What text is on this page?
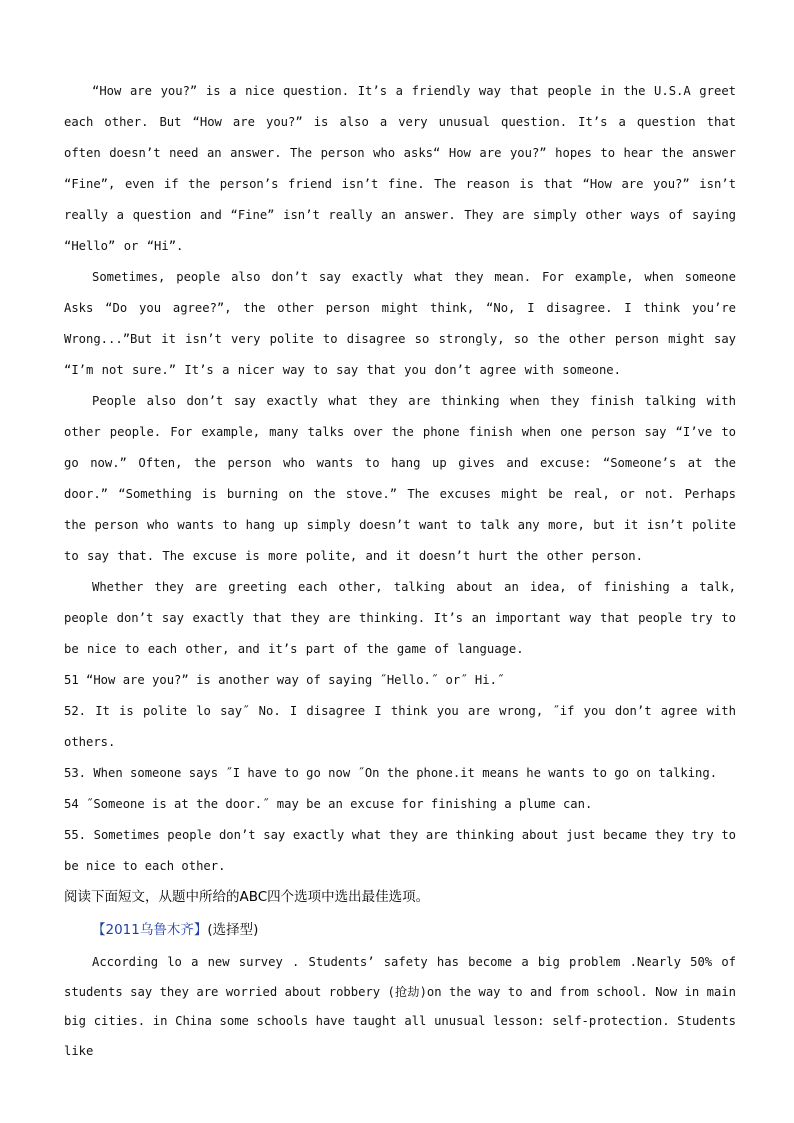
“How are you?” is a nice question. It’s a friendly way that people in the U.S.A greet each other. But “How are you?” is also a very unusual question. It’s a question that often doesn’t need an answer. The person who asks“ How are you?” hopes to hear the answer “Fine”, even if the person’s friend isn’t fine. The reason is that “How are you?” isn’t really a question and “Fine” isn’t really an answer. They are simply other ways of saying “Hello” or “Hi”.

Sometimes, people also don’t say exactly what they mean. For example, when someone Asks “Do you agree?”, the other person might think, “No, I disagree. I think you’re Wrong...”But it isn’t very polite to disagree so strongly, so the other person might say “I’m not sure.” It’s a nicer way to say that you don’t agree with someone.

People also don’t say exactly what they are thinking when they finish talking with other people. For example, many talks over the phone finish when one person say “I’ve to go now.” Often, the person who wants to hang up gives and excuse: “Someone’s at the door.” “Something is burning on the stove.” The excuses might be real, or not. Perhaps the person who wants to hang up simply doesn’t want to talk any more, but it isn’t polite to say that. The excuse is more polite, and it doesn’t hurt the other person.

Whether they are greeting each other, talking about an idea, of finishing a talk, people don’t say exactly that they are thinking. It’s an important way that people try to be nice to each other, and it’s part of the game of language.

51 “How are you?” is another way of saying ˝Hello.˝ or˝ Hi.˝

52. It is polite lo say˝ No. I disagree I think you are wrong, ˝if you don’t agree with others.

53. When someone says ˝I have to go now ˝On the phone.it means he wants to go on talking.

54 ˝Someone is at the door.˝ may be an excuse for finishing a plume can.

55. Sometimes people don’t say exactly what they are thinking about just became they try to be nice to each other.

阅读下面短文，从题中所给的ABC四个选项中选出最佳选项。

【2011乌鲁木齐】(选择型)

According lo a new survey . Students’ safety has become a big problem .Nearly 50% of students say they are worried about robbery (抢劫)on the way to and from school. Now in main big cities. in China some schools have taught all unusual lesson: self-protection. Students like
